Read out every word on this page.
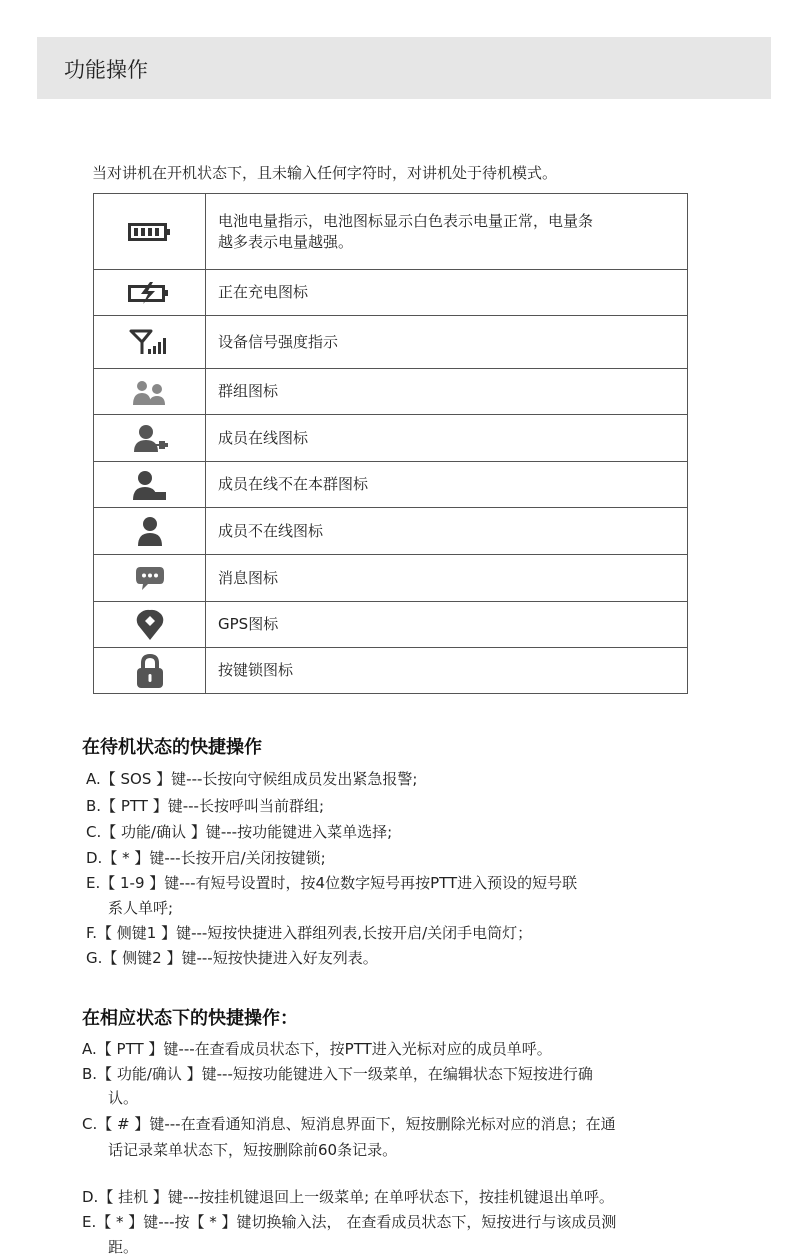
功能操作
当对讲机在开机状态下，且未输入任何字符时，对讲机处于待机模式。

电池电量指示，电池图标显示白色表示电量正常，电量条
越多表示电量越强。

	正在充电图标

	设备信号强度指示

	群组图标

	成员在线图标

	成员在线不在本群图标

	成员不在线图标

	消息图标

	GPS图标

	按键锁图标
在待机状态的快捷操作
A.【 SOS 】键---长按向守候组成员发出紧急报警;
B.【 PTT 】键---长按呼叫当前群组;
C.【 功能/确认 】键---按功能键进入菜单选择;
D.【 * 】键---长按开启/关闭按键锁;
E.【 1-9 】键---有短号设置时，按4位数字短号再按PTT进入预设的短号联
系人单呼;
F.【 侧键1 】键---短按快捷进入群组列表,长按开启/关闭手电筒灯；
G.【 侧键2 】键---短按快捷进入好友列表。
在相应状态下的快捷操作：
A.【 PTT 】键---在查看成员状态下，按PTT进入光标对应的成员单呼。
B.【 功能/确认 】键---短按功能键进入下一级菜单，在编辑状态下短按进行确
认。
C.【 # 】键---在查看通知消息、短消息界面下，短按删除光标对应的消息；在通
话记录菜单状态下，短按删除前60条记录。
D.【 挂机 】键---按挂机键退回上一级菜单; 在单呼状态下，按挂机键退出单呼。
E.【 * 】键---按【 * 】键切换输入法， 在查看成员状态下，短按进行与该成员测
距。
